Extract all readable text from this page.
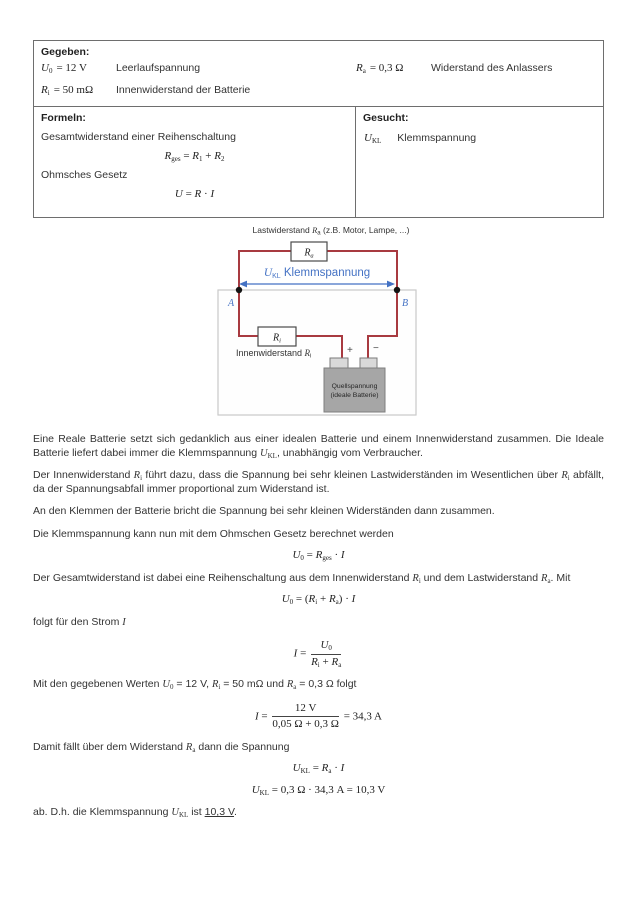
Gegeben:
$U_0 = 12$ V	Leerlaufspannung	$R_a = 0,3$ Ω	Widerstand des Anlassers
$R_i = 50$ mΩ Innenwiderstand der Batterie
Formeln:
Gesamtwiderstand einer Reihenschaltung
$R_{ges} = R_1 + R_2$
Ohmsches Gesetz
U = R · I
Gesucht:
$U_{KL}$ Klemmspannung
Lastwiderstand Ra (z.B. Motor, Lampe, ...)
$R_a$
UKL Klemmspannung
A	B
$R_i$
Innenwiderstand Ri
+ −
Quellspannung
(ideale Batterie)

Eine Reale Batterie setzt sich gedanklich aus einer idealen Batterie und einem Innenwiderstand zusammen. Die Ideale Batterie liefert dabei immer die Klemmspannung $U_{KL}$, unabhängig vom Verbraucher.

Der Innenwiderstand $R_i$ führt dazu, dass die Spannung bei sehr kleinen Lastwiderständen im Wesentlichen über $R_i$ abfällt, da der Spannungsabfall immer proportional zum Widerstand ist.

An den Klemmen der Batterie bricht die Spannung bei sehr kleinen Widerständen dann zusammen.

Die Klemmspannung kann nun mit dem Ohmschen Gesetz berechnet werden

$U_0 = R_{ges} \cdot I$

Der Gesamtwiderstand ist dabei eine Reihenschaltung aus dem Innenwiderstand $R_i$ und dem Lastwiderstand $R_a$. Mit

$U_0 = (R_i + R_a) \cdot I$

folgt für den Strom I

$I = \frac{U_0}{R_i + R_a}$

Mit den gegebenen Werten $U_0 = 12$ V, $R_i = 50$ mΩ und $R_a = 0,3$ Ω folgt

$I = \frac{12 V}{0,05 \Omega + 0,3 \Omega} = 34,3$ A

Damit fällt über dem Widerstand $R_a$ dann die Spannung

$U_{KL} = R_a \cdot I$
$U_{KL} = 0,3$ Ω · 34,3 A = 10,3 V

ab. D.h. die Klemmspannung $U_{KL}$ ist 10,3 V.
